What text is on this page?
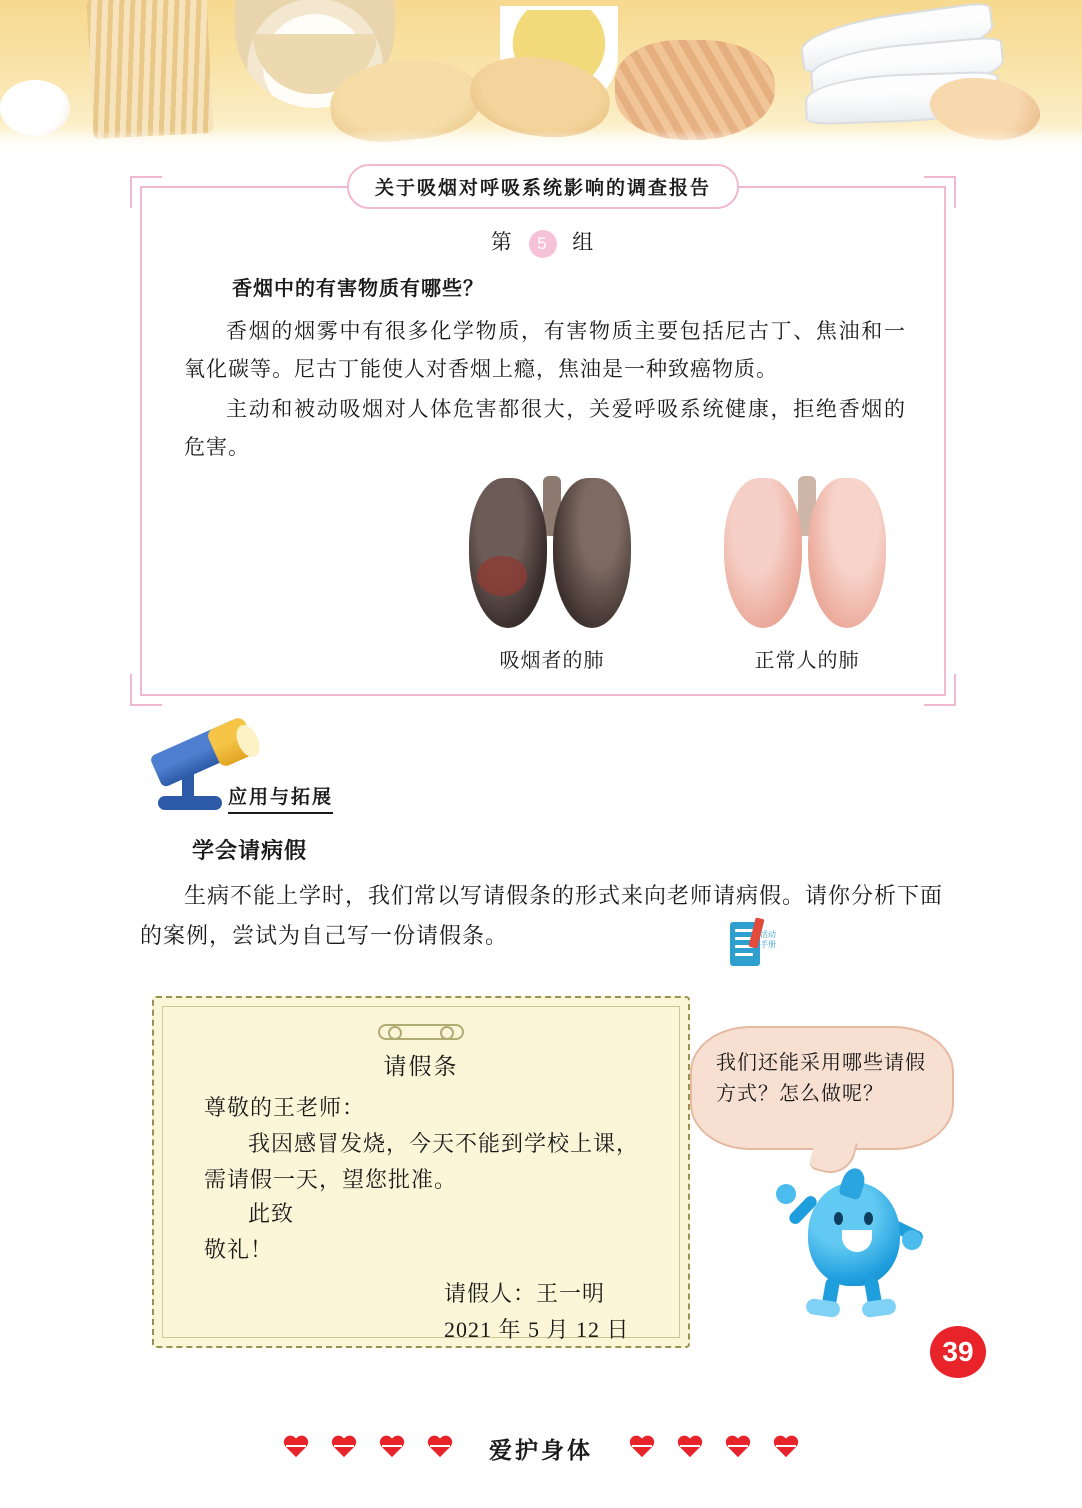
关于吸烟对呼吸系统影响的调查报告
第 5 组
香烟中的有害物质有哪些？
香烟的烟雾中有很多化学物质，有害物质主要包括尼古丁、焦油和一氧化碳等。尼古丁能使人对香烟上瘾，焦油是一种致癌物质。
主动和被动吸烟对人体危害都很大，关爱呼吸系统健康，拒绝香烟的危害。
吸烟者的肺	正常人的肺
应用与拓展
学会请病假
生病不能上学时，我们常以写请假条的形式来向老师请病假。请你分析下面的案例，尝试为自己写一份请假条。	活动 手册
请假条
尊敬的王老师：
我因感冒发烧，今天不能到学校上课，需请假一天，望您批准。
此致
敬礼！
请假人：王一明
2021 年 5 月 12 日
我们还能采用哪些请假方式？怎么做呢？
39
爱护身体
